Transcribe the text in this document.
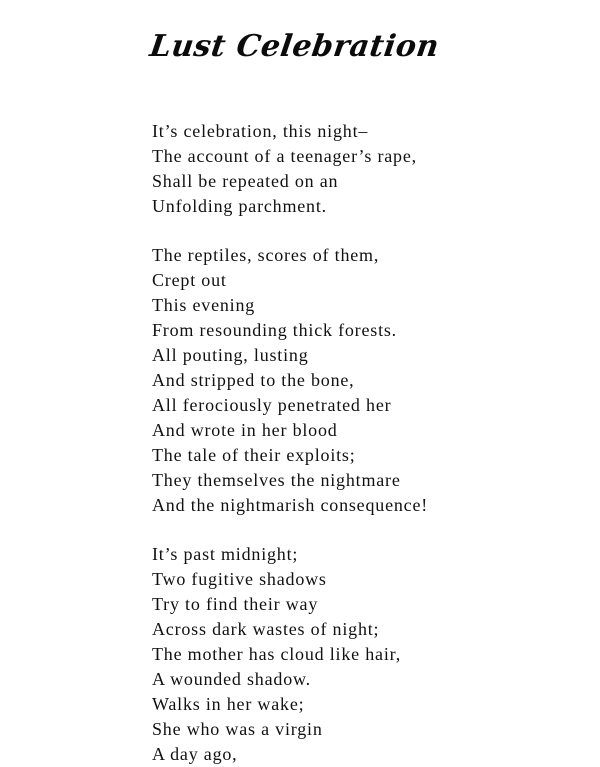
Lust Celebration
It’s celebration, this night–
The account of a teenager’s rape,
Shall be repeated on an
Unfolding parchment.
The reptiles, scores of them,
Crept out
This evening
From resounding thick forests.
All pouting, lusting
And stripped to the bone,
All ferociously penetrated her
And wrote in her blood
The tale of their exploits;
They themselves the nightmare
And the nightmarish consequence!
It’s past midnight;
Two fugitive shadows
Try to find their way
Across dark wastes of night;
The mother has cloud like hair,
A wounded shadow.
Walks in her wake;
She who was a virgin
A day ago,
